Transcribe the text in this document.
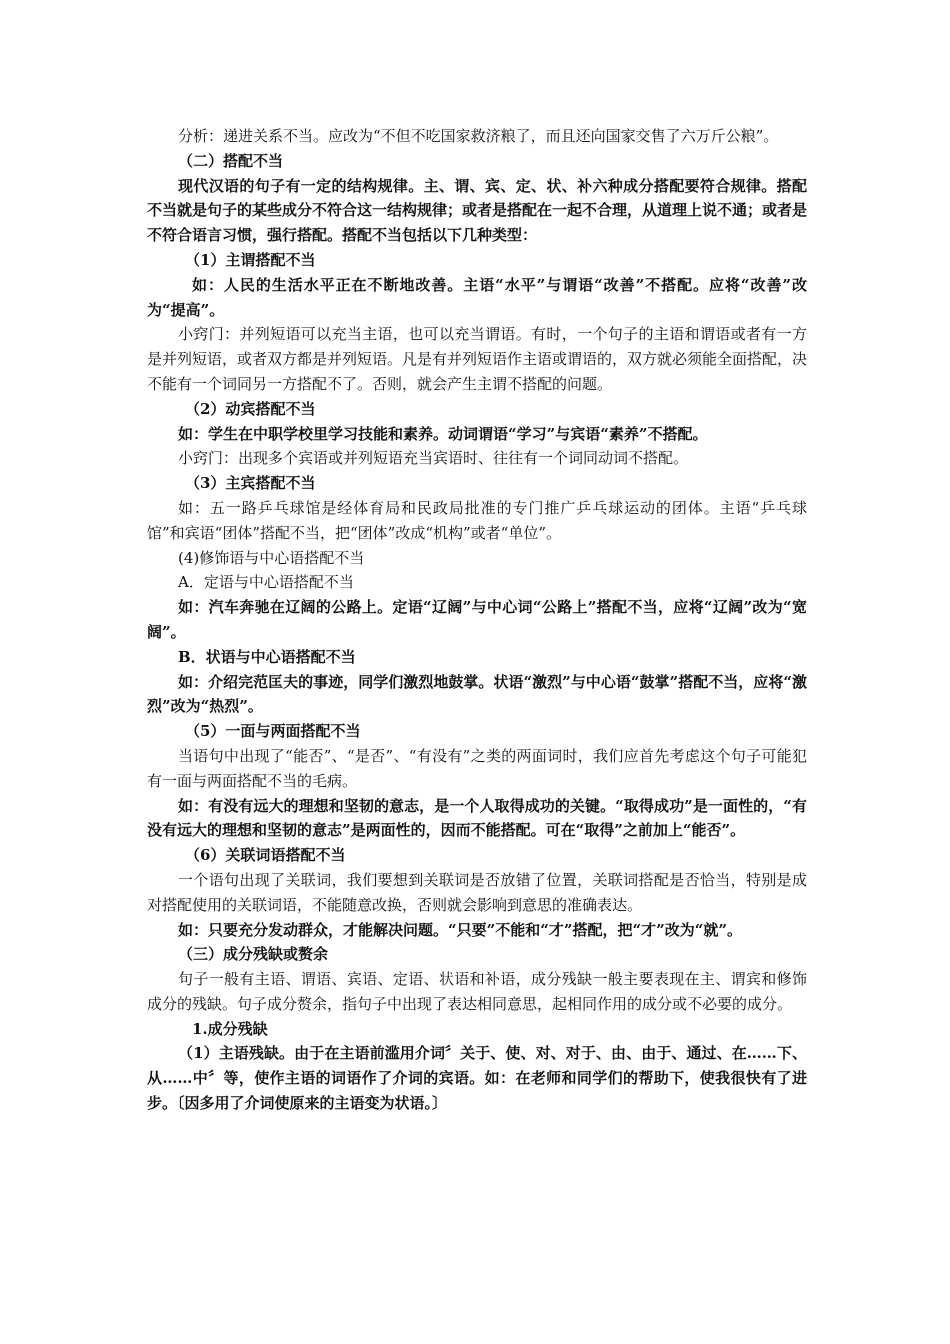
分析：递进关系不当。应改为“不但不吃国家救济粮了，而且还向国家交售了六万斤公粮”。

（二）搭配不当

现代汉语的句子有一定的结构规律。主、谓、宾、定、状、补六种成分搭配要符合规律。搭配不当就是句子的某些成分不符合这一结构规律；或者是搭配在一起不合理，从道理上说不通；或者是不符合语言习惯，强行搭配。搭配不当包括以下几种类型：

（1）主谓搭配不当

如：人民的生活水平正在不断地改善。主语“水平”与谓语“改善”不搭配。应将“改善”改为“提高”。

小窍门：并列短语可以充当主语，也可以充当谓语。有时，一个句子的主语和谓语或者有一方是并列短语，或者双方都是并列短语。凡是有并列短语作主语或谓语的，双方就必须能全面搭配，决不能有一个词同另一方搭配不了。否则，就会产生主谓不搭配的问题。

（2）动宾搭配不当

如：学生在中职学校里学习技能和素养。动词谓语“学习”与宾语“素养”不搭配。

小窍门：出现多个宾语或并列短语充当宾语时、往往有一个词同动词不搭配。

（3）主宾搭配不当

如：五一路乒乓球馆是经体育局和民政局批准的专门推广乒乓球运动的团体。主语“乒乓球馆”和宾语“团体”搭配不当，把“团体”改成“机构”或者“单位”。

(4)修饰语与中心语搭配不当

A．定语与中心语搭配不当

如：汽车奔驰在辽阔的公路上。定语“辽阔”与中心词“公路上”搭配不当，应将“辽阔”改为“宽阔”。

B．状语与中心语搭配不当

如：介绍完范匡夫的事迹，同学们激烈地鼓掌。状语“激烈”与中心语“鼓掌”搭配不当，应将“激烈”改为“热烈”。

（5）一面与两面搭配不当

当语句中出现了“能否”、“是否”、“有没有”之类的两面词时，我们应首先考虑这个句子可能犯有一面与两面搭配不当的毛病。

如：有没有远大的理想和坚韧的意志，是一个人取得成功的关键。“取得成功”是一面性的，“有没有远大的理想和坚韧的意志”是两面性的，因而不能搭配。可在“取得”之前加上“能否”。

（6）关联词语搭配不当

一个语句出现了关联词，我们要想到关联词是否放错了位置，关联词搭配是否恰当，特别是成对搭配使用的关联词语，不能随意改换，否则就会影响到意思的准确表达。

如：只要充分发动群众，才能解决问题。“只要”不能和“才”搭配，把“才”改为“就”。

（三）成分残缺或赘余

句子一般有主语、谓语、宾语、定语、状语和补语，成分残缺一般主要表现在主、谓宾和修饰成分的残缺。句子成分赘余，指句子中出现了表达相同意思，起相同作用的成分或不必要的成分。

1.成分残缺

（1）主语残缺。由于在主语前滥用介词〞关于、使、对、对于、由、由于、通过、在……下、从……中〞等，使作主语的词语作了介词的宾语。如：在老师和同学们的帮助下，使我很快有了进步。〔因多用了介词使原来的主语变为状语。〕
